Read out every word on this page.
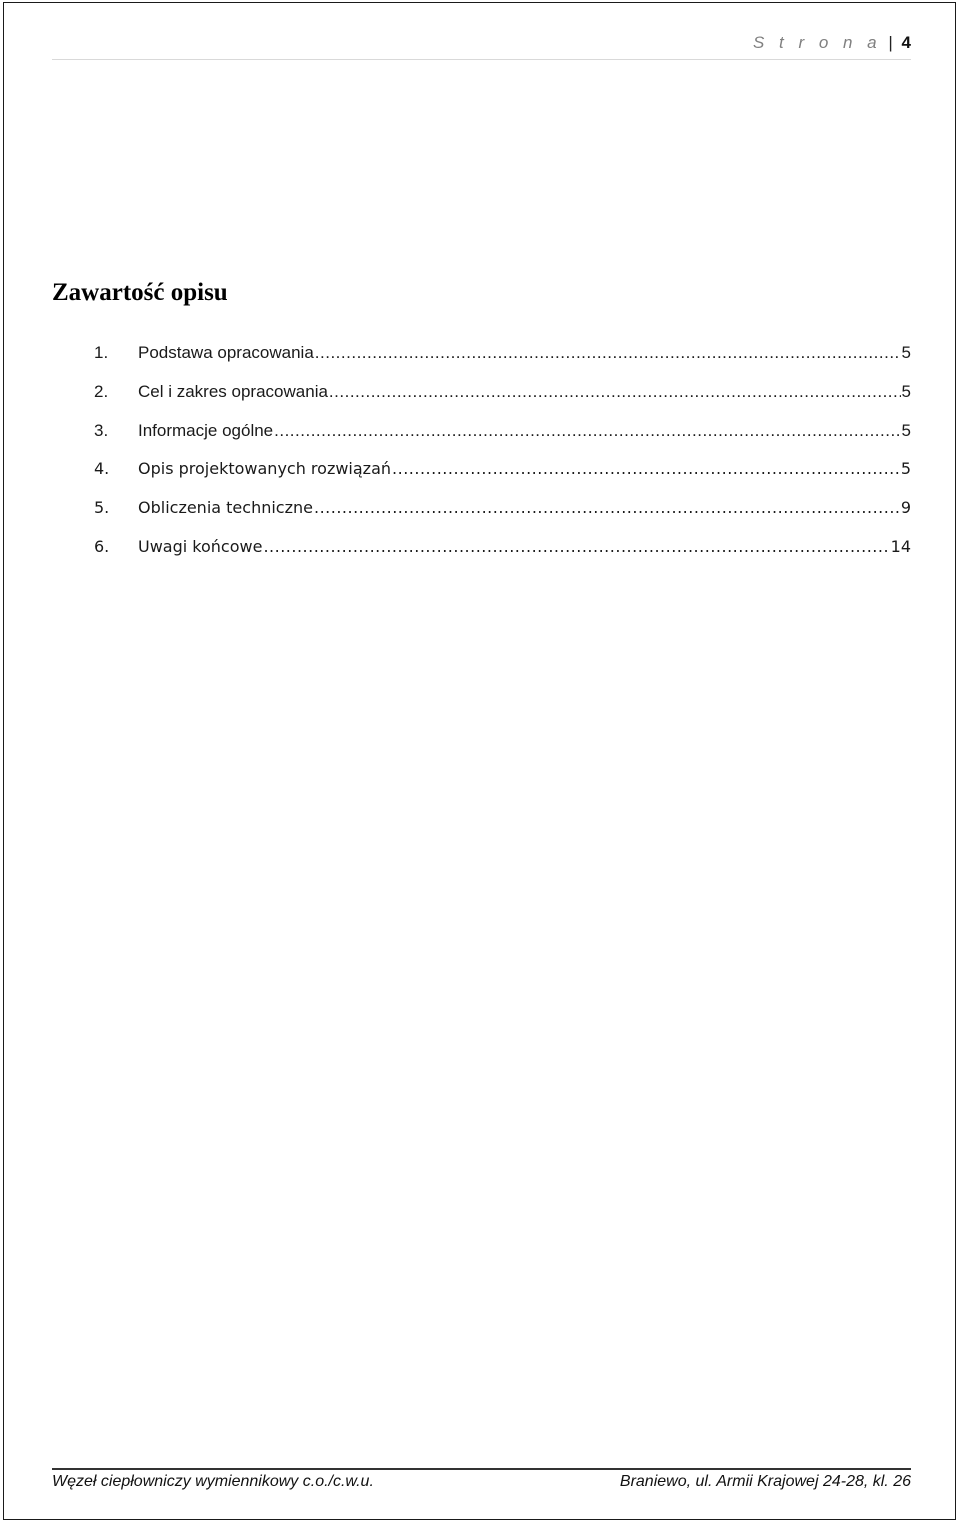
S t r o n a | 4
Zawartość opisu
1.	Podstawa opracowania .....	5
2.	Cel i zakres opracowania .....	5
3.	Informacje ogólne .....	5
4.	Opis projektowanych rozwiązań .....	5
5.	Obliczenia techniczne .....	9
6.	Uwagi końcowe .....	14
Węzeł ciepłowniczy wymiennikowy c.o./c.w.u.	Braniewo, ul. Armii Krajowej 24-28, kl. 26
